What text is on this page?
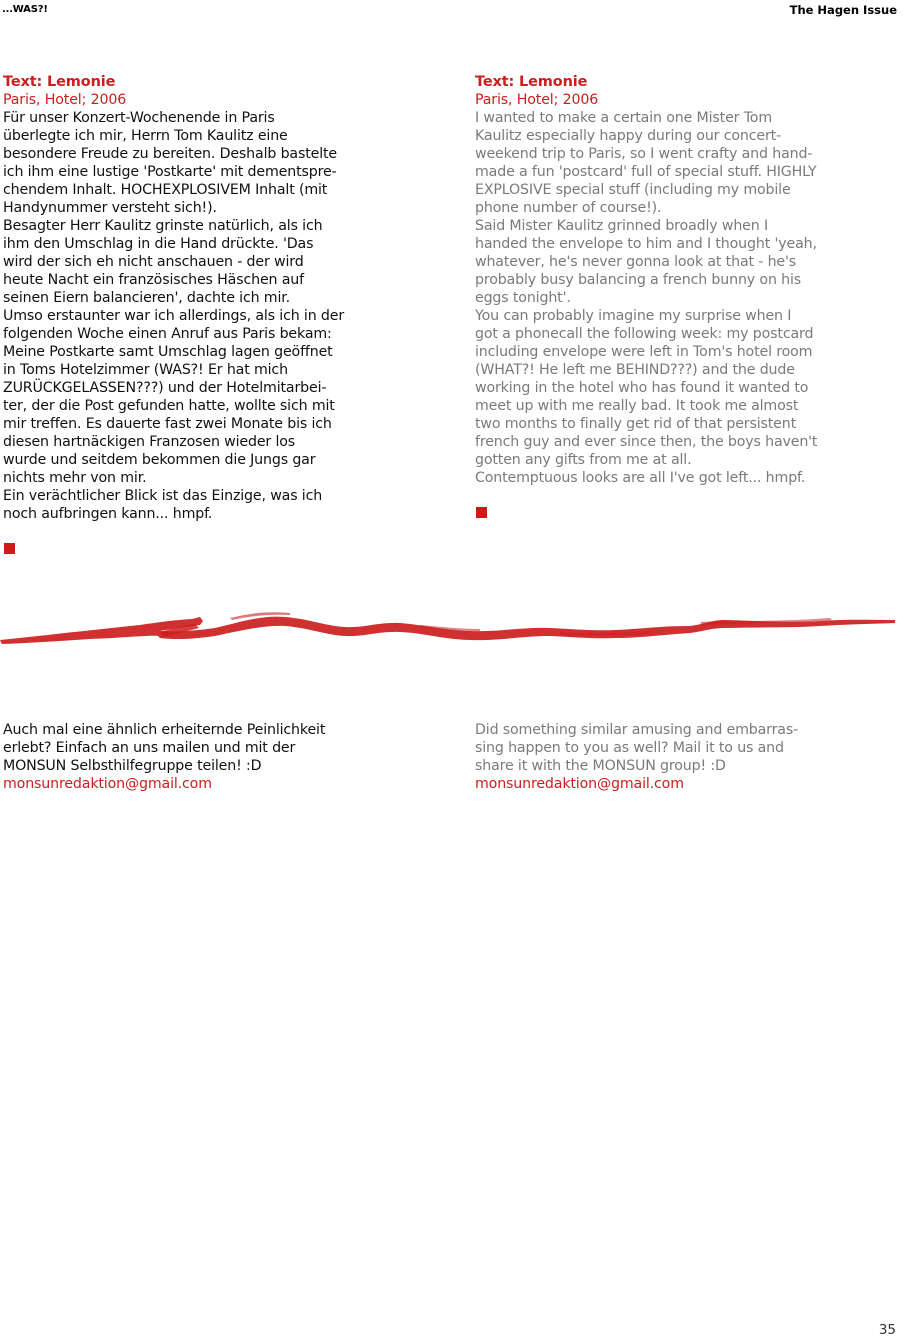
...WAS?!	The Hagen Issue
Text: Lemonie
Paris, Hotel; 2006
Für unser Konzert-Wochenende in Paris
überlegte ich mir, Herrn Tom Kaulitz eine
besondere Freude zu bereiten. Deshalb bastelte
ich ihm eine lustige 'Postkarte' mit dementspre-
chendem Inhalt. HOCHEXPLOSIVEM Inhalt (mit
Handynummer versteht sich!).
Besagter Herr Kaulitz grinste natürlich, als ich
ihm den Umschlag in die Hand drückte. 'Das
wird der sich eh nicht anschauen - der wird
heute Nacht ein französisches Häschen auf
seinen Eiern balancieren', dachte ich mir.
Umso erstaunter war ich allerdings, als ich in der
folgenden Woche einen Anruf aus Paris bekam:
Meine Postkarte samt Umschlag lagen geöffnet
in Toms Hotelzimmer (WAS?! Er hat mich
ZURÜCKGELASSEN???) und der Hotelmitarbei-
ter, der die Post gefunden hatte, wollte sich mit
mir treffen. Es dauerte fast zwei Monate bis ich
diesen hartnäckigen Franzosen wieder los
wurde und seitdem bekommen die Jungs gar
nichts mehr von mir.
Ein verächtlicher Blick ist das Einzige, was ich
noch aufbringen kann... hmpf.
Text: Lemonie
Paris, Hotel; 2006
I wanted to make a certain one Mister Tom
Kaulitz especially happy during our concert-
weekend trip to Paris, so I went crafty and hand-
made a fun 'postcard' full of special stuff. HIGHLY
EXPLOSIVE special stuff (including my mobile
phone number of course!).
Said Mister Kaulitz grinned broadly when I
handed the envelope to him and I thought 'yeah,
whatever, he's never gonna look at that - he's
probably busy balancing a french bunny on his
eggs tonight'.
You can probably imagine my surprise when I
got a phonecall the following week: my postcard
including envelope were left in Tom's hotel room
(WHAT?! He left me BEHIND???) and the dude
working in the hotel who has found it wanted to
meet up with me really bad. It took me almost
two months to finally get rid of that persistent
french guy and ever since then, the boys haven't
gotten any gifts from me at all.
Contemptuous looks are all I've got left... hmpf.
Auch mal eine ähnlich erheiternde Peinlichkeit
erlebt? Einfach an uns mailen und mit der
MONSUN Selbsthilfegruppe teilen! :D
monsunredaktion@gmail.com
Did something similar amusing and embarras-
sing happen to you as well? Mail it to us and
share it with the MONSUN group! :D
monsunredaktion@gmail.com
35
